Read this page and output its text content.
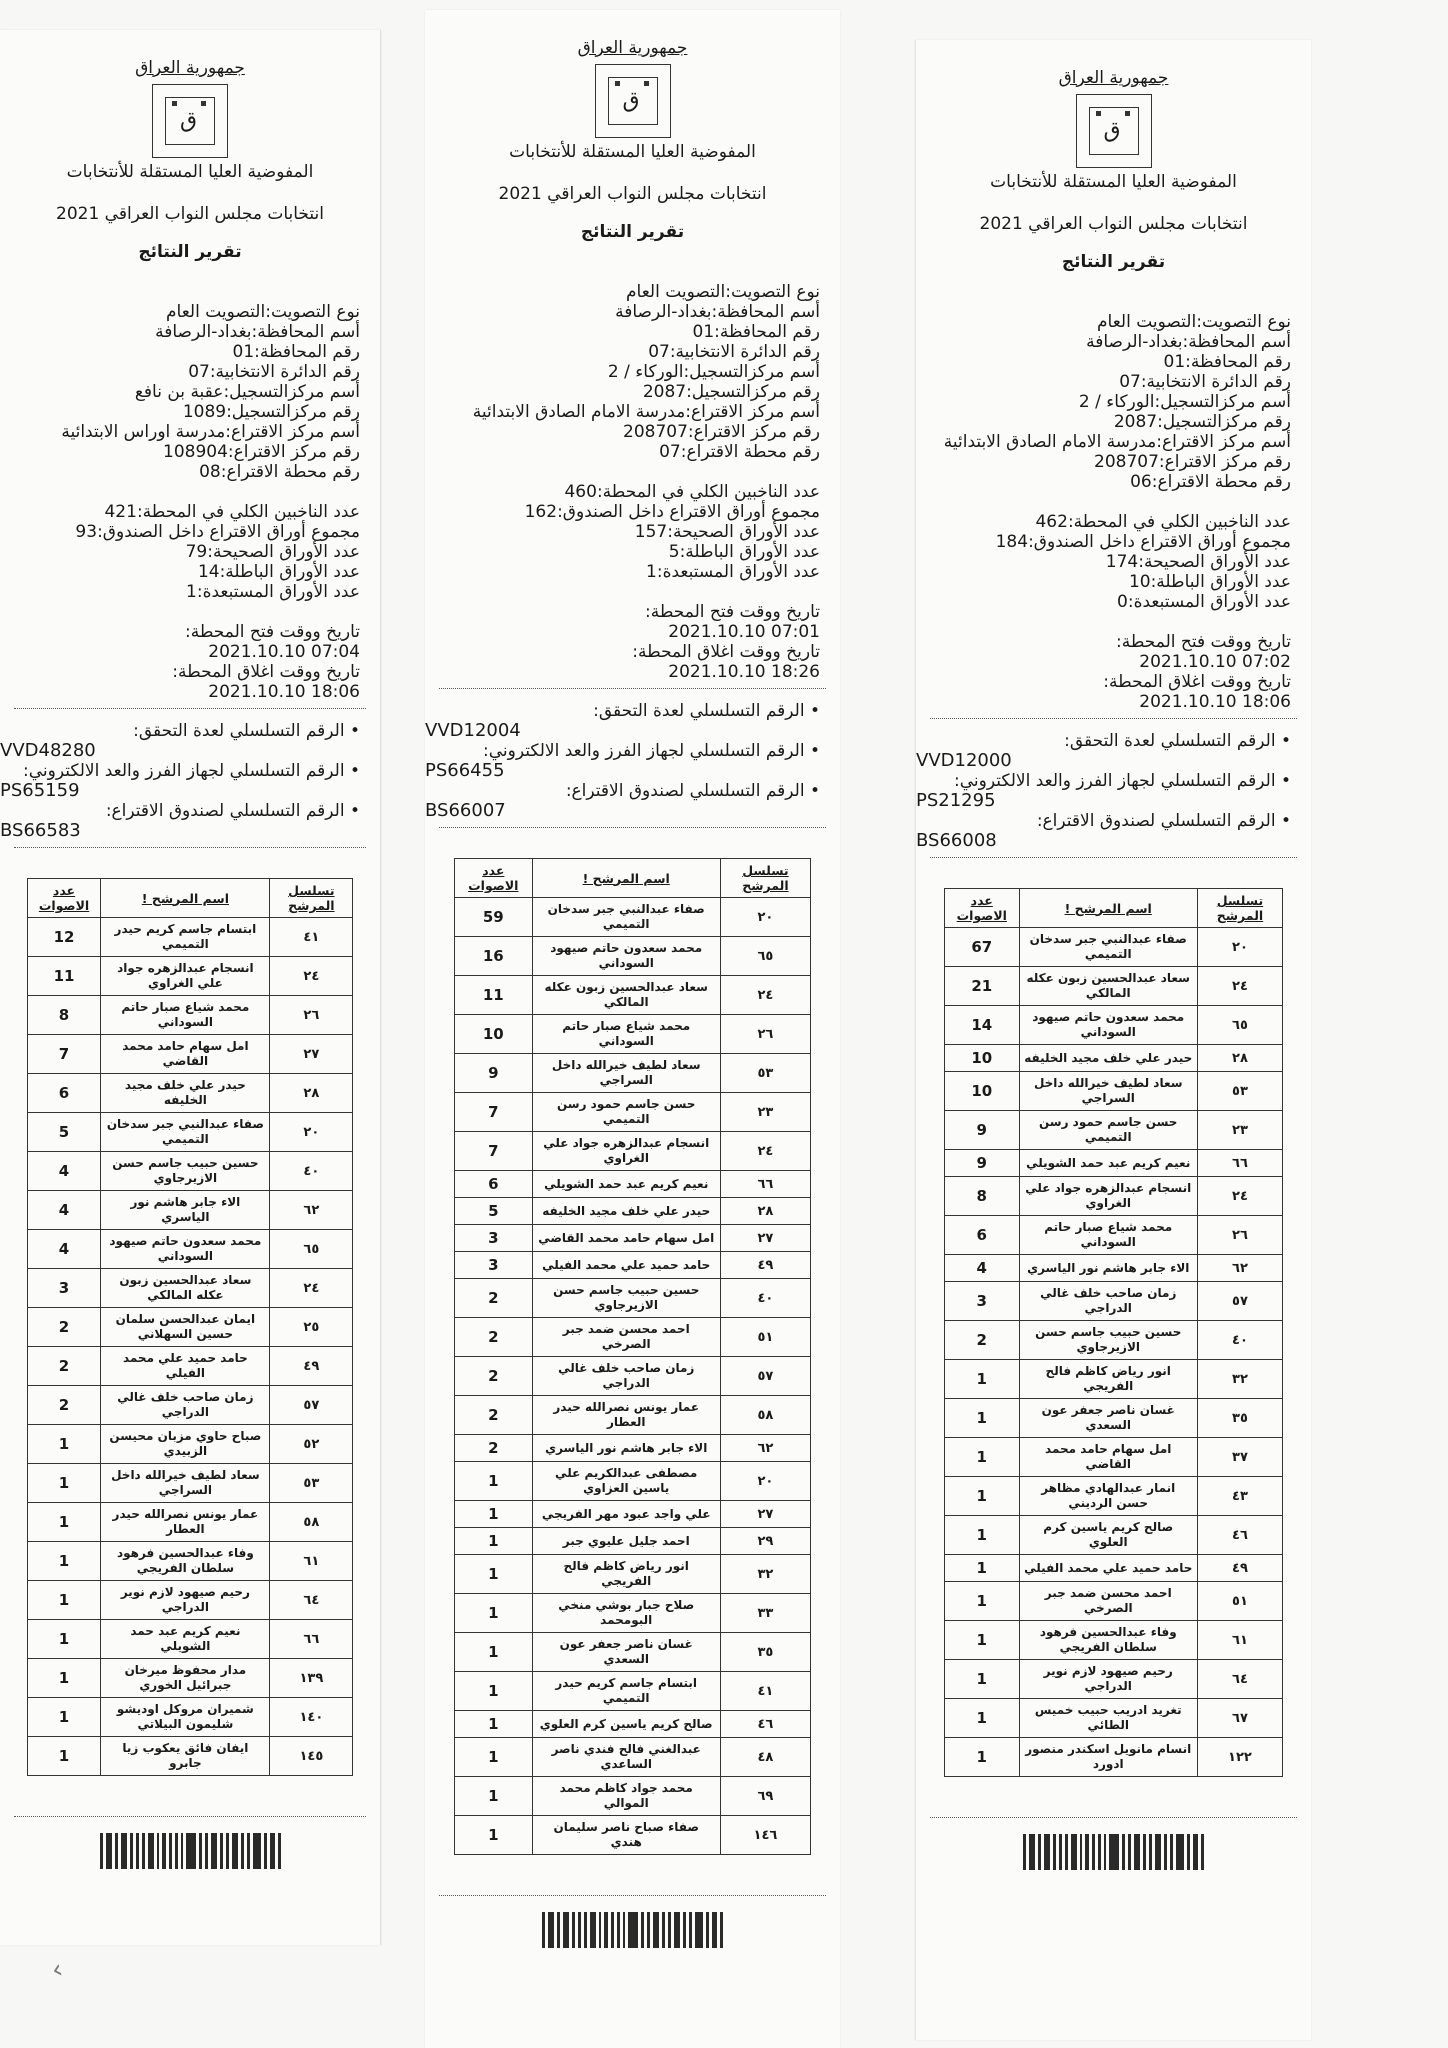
جمهورية العراق
ق
المفوضية العليا المستقلة للأنتخابات
انتخابات مجلس النواب العراقي 2021
تقرير النتائج
نوع التصويت:التصويت العام
أسم المحافظة:بغداد-الرصافة
رقم المحافظة:01
رقم الدائرة الانتخابية:07
أسم مركزالتسجيل:عقبة بن نافع
رقم مركزالتسجيل:1089
أسم مركز الاقتراع:مدرسة اوراس الابتدائية
رقم مركز الاقتراع:108904
رقم محطة الاقتراع:08
عدد الناخبين الكلي في المحطة:421
مجموع أوراق الاقتراع داخل الصندوق:93
عدد الأوراق الصحيحة:79
عدد الأوراق الباطلة:14
عدد الأوراق المستبعدة:1
تاريخ ووقت فتح المحطة:
2021.10.10 07:04
تاريخ ووقت اغلاق المحطة:
2021.10.10 18:06
• الرقم التسلسلي لعدة التحقق:
VVD48280
• الرقم التسلسلي لجهاز الفرز والعد الالكتروني:
PS65159
• الرقم التسلسلي لصندوق الاقتراع:
BS66583
تسلسل المرشح	اسم المرشح !	عدد الاصوات
٤١	ابتسام جاسم كريم حيدر التميمي	12
٢٤	انسجام عبدالزهره جواد علي الغراوي	11
٢٦	محمد شياع صبار حاتم السوداني	8
٢٧	امل سهام حامد محمد القاضي	7
٢٨	حيدر علي خلف مجيد الخليفه	6
٢٠	صفاء عبدالنبي جبر سدخان التميمي	5
٤٠	حسين حبيب جاسم حسن الازيرجاوي	4
٦٢	الاء جابر هاشم نور الياسري	4
٦٥	محمد سعدون حاتم صيهود السوداني	4
٢٤	سعاد عبدالحسين زبون عكله المالكي	3
٢٥	ايمان عبدالحسن سلمان حسين السهلاني	2
٤٩	حامد حميد علي محمد الفيلي	2
٥٧	زمان صاحب خلف غالي الدراجي	2
٥٢	صباح حاوي مزبان محيسن الزبيدي	1
٥٣	سعاد لطيف خيرالله داخل السراجي	1
٥٨	عمار يونس نصرالله حيدر العطار	1
٦١	وفاء عبدالحسين فرهود سلطان الفريجي	1
٦٤	رحيم صيهود لازم نوير الدراجي	1
٦٦	نعيم كريم عبد حمد الشويلي	1
١٣٩	مدار محفوظ ميرخان جبرائيل الخوري	1
١٤٠	شميران مروكل اوديشو شليمون البيلاتي	1
١٤٥	ايفان فائق يعكوب زيا جابرو	1
جمهورية العراق
ق
المفوضية العليا المستقلة للأنتخابات
انتخابات مجلس النواب العراقي 2021
تقرير النتائج
نوع التصويت:التصويت العام
أسم المحافظة:بغداد-الرصافة
رقم المحافظة:01
رقم الدائرة الانتخابية:07
أسم مركزالتسجيل:الوركاء / 2
رقم مركزالتسجيل:2087
أسم مركز الاقتراع:مدرسة الامام الصادق الابتدائية
رقم مركز الاقتراع:208707
رقم محطة الاقتراع:07
عدد الناخبين الكلي في المحطة:460
مجموع أوراق الاقتراع داخل الصندوق:162
عدد الأوراق الصحيحة:157
عدد الأوراق الباطلة:5
عدد الأوراق المستبعدة:1
تاريخ ووقت فتح المحطة:
2021.10.10 07:01
تاريخ ووقت اغلاق المحطة:
2021.10.10 18:26
• الرقم التسلسلي لعدة التحقق:
VVD12004
• الرقم التسلسلي لجهاز الفرز والعد الالكتروني:
PS66455
• الرقم التسلسلي لصندوق الاقتراع:
BS66007
تسلسل المرشح	اسم المرشح !	عدد الاصوات
٢٠	صفاء عبدالنبي جبر سدخان التميمي	59
٦٥	محمد سعدون حاتم صيهود السوداني	16
٢٤	سعاد عبدالحسين زبون عكله المالكي	11
٢٦	محمد شياع صبار حاتم السوداني	10
٥٣	سعاد لطيف خيرالله داخل السراجي	9
٢٣	حسن جاسم حمود رسن التميمي	7
٢٤	انسجام عبدالزهره جواد علي الغراوي	7
٦٦	نعيم كريم عبد حمد الشويلي	6
٢٨	حيدر علي خلف مجيد الخليفه	5
٢٧	امل سهام حامد محمد القاضي	3
٤٩	حامد حميد علي محمد الفيلي	3
٤٠	حسين حبيب جاسم حسن الازيرجاوي	2
٥١	احمد محسن ضمد جبر الصرخي	2
٥٧	زمان صاحب خلف غالي الدراجي	2
٥٨	عمار يونس نصرالله حيدر العطار	2
٦٢	الاء جابر هاشم نور الياسري	2
٢٠	مصطفى عبدالكريم علي ياسين العزاوي	1
٢٧	علي واجد عبود مهر الفريجي	1
٢٩	احمد جليل عليوي جبر	1
٣٢	انور رياض كاظم فالح الفريجي	1
٣٣	صلاح جبار بوشي منخي البومحمد	1
٣٥	غسان ناصر جعفر عون السعدي	1
٤١	ابتسام جاسم كريم حيدر التميمي	1
٤٦	صالح كريم ياسين كرم العلوي	1
٤٨	عبدالغني فالح فندي ناصر الساعدي	1
٦٩	محمد جواد كاظم محمد الموالي	1
١٤٦	صفاء صباح ناصر سليمان هندي	1
جمهورية العراق
ق
المفوضية العليا المستقلة للأنتخابات
انتخابات مجلس النواب العراقي 2021
تقرير النتائج
نوع التصويت:التصويت العام
أسم المحافظة:بغداد-الرصافة
رقم المحافظة:01
رقم الدائرة الانتخابية:07
أسم مركزالتسجيل:الوركاء / 2
رقم مركزالتسجيل:2087
أسم مركز الاقتراع:مدرسة الامام الصادق الابتدائية
رقم مركز الاقتراع:208707
رقم محطة الاقتراع:06
عدد الناخبين الكلي في المحطة:462
مجموع أوراق الاقتراع داخل الصندوق:184
عدد الأوراق الصحيحة:174
عدد الأوراق الباطلة:10
عدد الأوراق المستبعدة:0
تاريخ ووقت فتح المحطة:
2021.10.10 07:02
تاريخ ووقت اغلاق المحطة:
2021.10.10 18:06
• الرقم التسلسلي لعدة التحقق:
VVD12000
• الرقم التسلسلي لجهاز الفرز والعد الالكتروني:
PS21295
• الرقم التسلسلي لصندوق الاقتراع:
BS66008
تسلسل المرشح	اسم المرشح !	عدد الاصوات
٢٠	صفاء عبدالنبي جبر سدخان التميمي	67
٢٤	سعاد عبدالحسين زبون عكله المالكي	21
٦٥	محمد سعدون حاتم صيهود السوداني	14
٢٨	حيدر علي خلف مجيد الخليفه	10
٥٣	سعاد لطيف خيرالله داخل السراجي	10
٢٣	حسن جاسم حمود رسن التميمي	9
٦٦	نعيم كريم عبد حمد الشويلي	9
٢٤	انسجام عبدالزهره جواد علي الغراوي	8
٢٦	محمد شياع صبار حاتم السوداني	6
٦٢	الاء جابر هاشم نور الياسري	4
٥٧	زمان صاحب خلف غالي الدراجي	3
٤٠	حسين حبيب جاسم حسن الازيرجاوي	2
٣٢	انور رياض كاظم فالح الفريجي	1
٣٥	غسان ناصر جعفر عون السعدي	1
٣٧	امل سهام حامد محمد القاضي	1
٤٣	انمار عبدالهادي مظاهر حسن الرديني	1
٤٦	صالح كريم ياسين كرم العلوي	1
٤٩	حامد حميد علي محمد الفيلي	1
٥١	احمد محسن ضمد جبر الصرخي	1
٦١	وفاء عبدالحسين فرهود سلطان الفريجي	1
٦٤	رحيم صيهود لازم نوير الدراجي	1
٦٧	تغريد ادريب حبيب خميس الطائي	1
١٢٢	انسام مانويل اسكندر منصور ادورد	1
‹
